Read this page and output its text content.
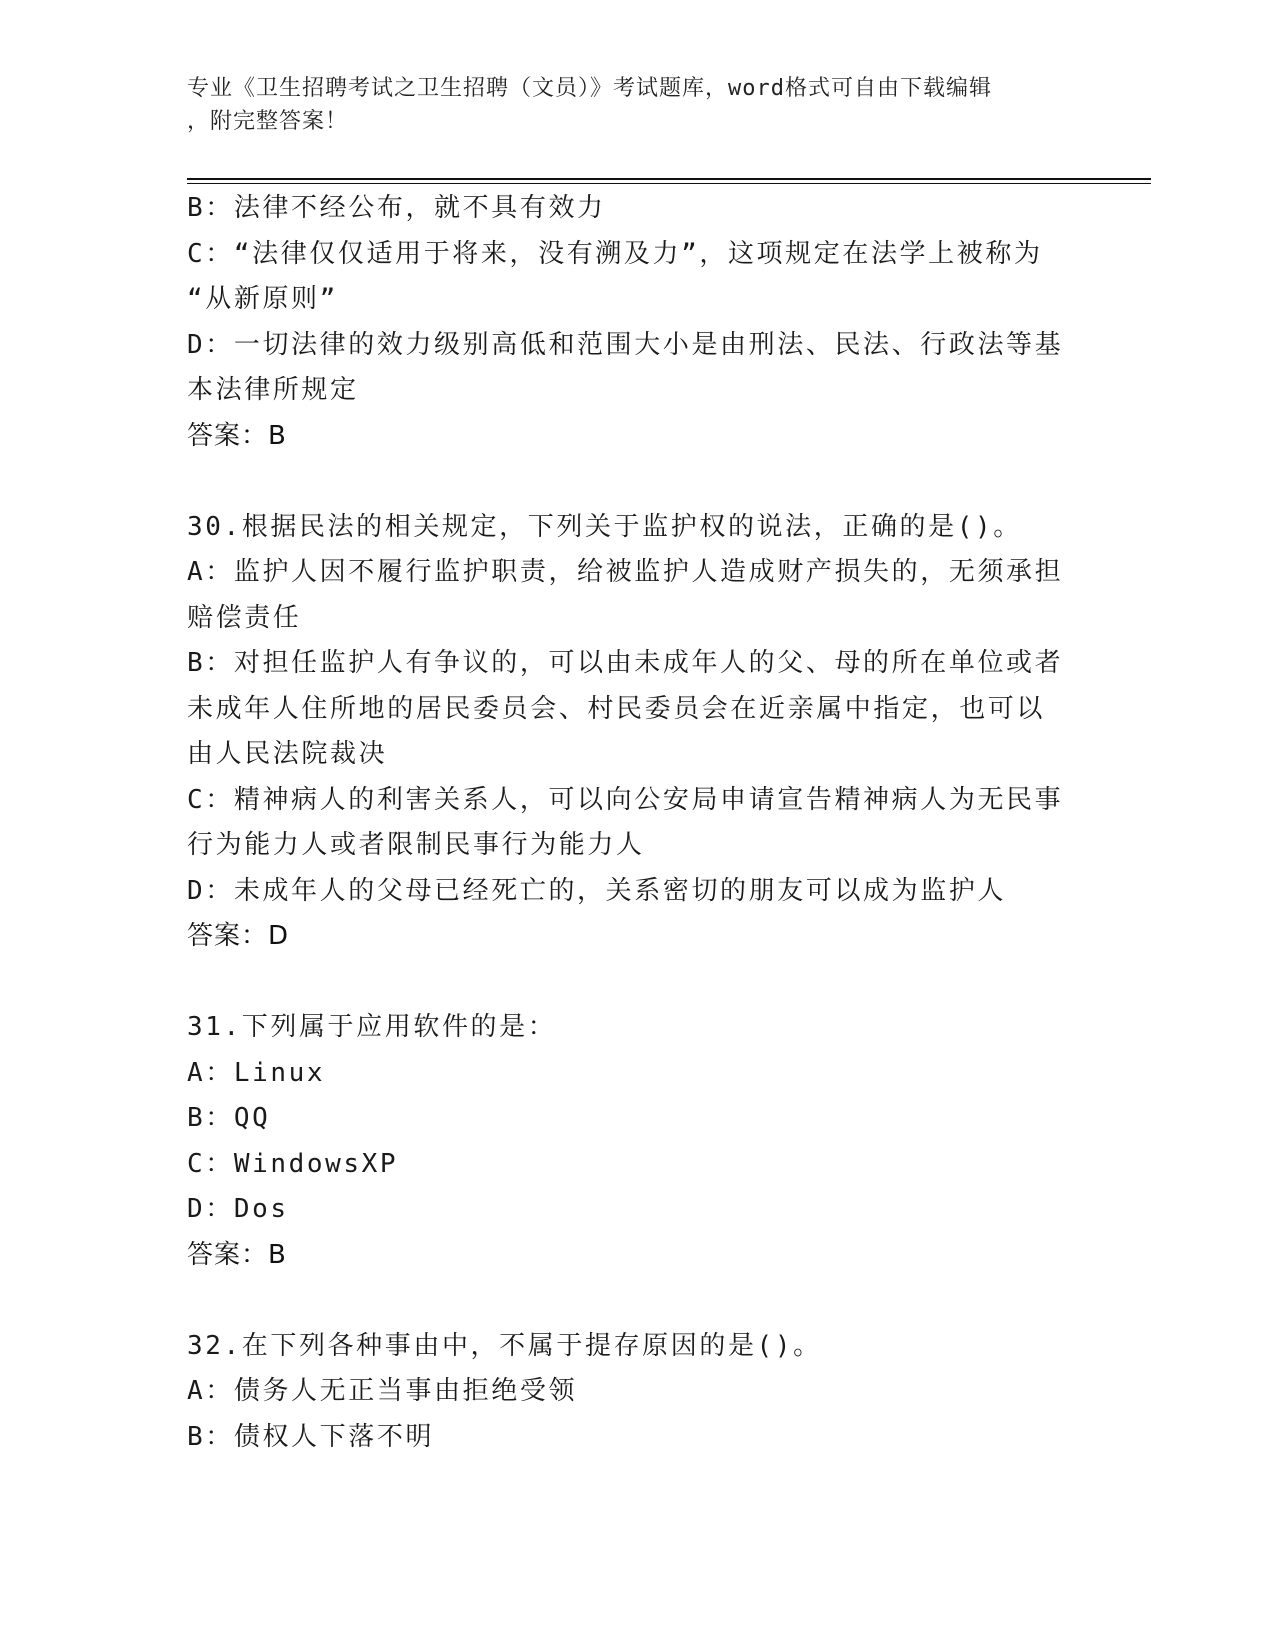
专业《卫生招聘考试之卫生招聘（文员）》考试题库，word格式可自由下载编辑
，附完整答案！

B：法律不经公布，就不具有效力

C：“法律仅仅适用于将来，没有溯及力”，这项规定在法学上被称为

“从新原则”

D：一切法律的效力级别高低和范围大小是由刑法、民法、行政法等基

本法律所规定

答案：B

30.根据民法的相关规定，下列关于监护权的说法，正确的是()。

A：监护人因不履行监护职责，给被监护人造成财产损失的，无须承担

赔偿责任

B：对担任监护人有争议的，可以由未成年人的父、母的所在单位或者

未成年人住所地的居民委员会、村民委员会在近亲属中指定，也可以

由人民法院裁决

C：精神病人的利害关系人，可以向公安局申请宣告精神病人为无民事

行为能力人或者限制民事行为能力人

D：未成年人的父母已经死亡的，关系密切的朋友可以成为监护人

答案：D

31.下列属于应用软件的是：

A：Linux

B：QQ

C：WindowsXP

D：Dos

答案：B

32.在下列各种事由中，不属于提存原因的是()。

A：债务人无正当事由拒绝受领

B：债权人下落不明
